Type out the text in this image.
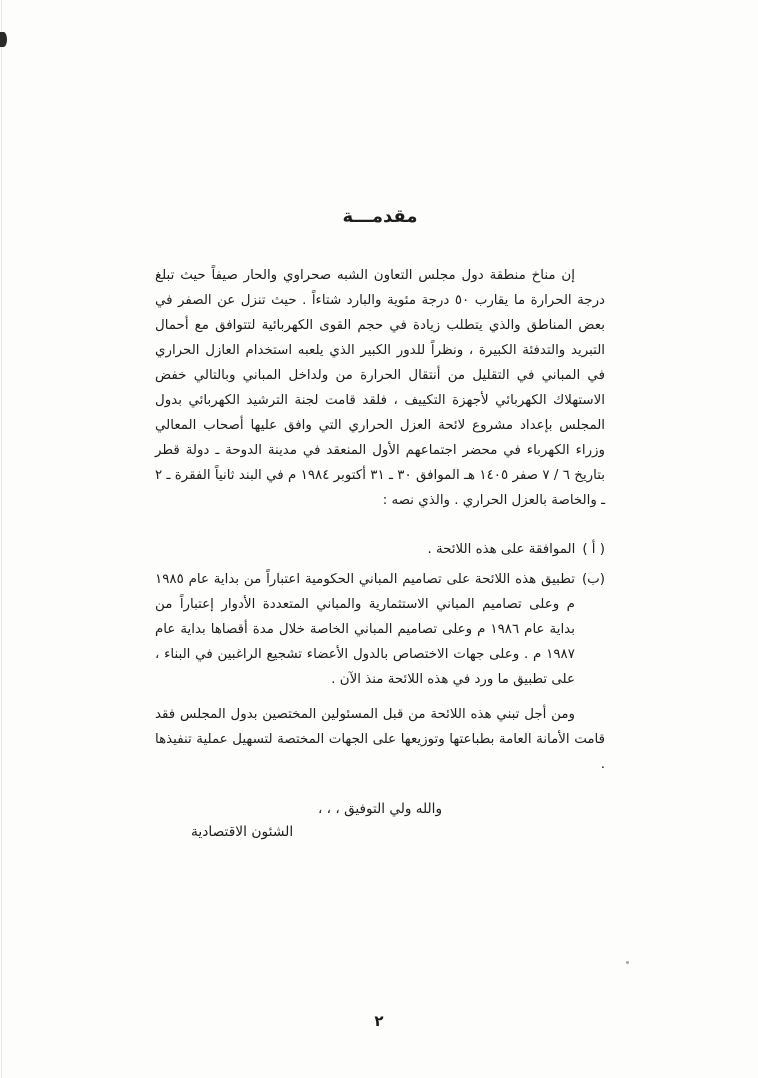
مقدمـــة

إن مناخ منطقة دول مجلس التعاون الشبه صحراوي والحار صيفاً حيث تبلغ درجة الحرارة ما يقارب ٥٠ درجة مئوية والبارد شتاءاً . حيث تنزل عن الصفر في بعض المناطق والذي يتطلب زيادة في حجم القوى الكهربائية لتتوافق مع أحمال التبريد والتدفئة الكبيرة ، ونظراً للدور الكبير الذي يلعبه استخدام العازل الحراري في المباني في التقليل من أنتقال الحرارة من ولداخل المباني وبالتالي خفض الاستهلاك الكهربائي لأجهزة التكييف ، فلقد قامت لجنة الترشيد الكهربائي بدول المجلس بإعداد مشروع لائحة العزل الحراري التي وافق عليها أصحاب المعالي وزراء الكهرباء في محضر اجتماعهم الأول المنعقد في مدينة الدوحة ـ دولة قطر بتاريخ ٦ / ٧ صفر ١٤٠٥ هـ الموافق ٣٠ ـ ٣١ أكتوبر ١٩٨٤ م في البند ثانياً الفقرة ـ ٢ ـ والخاصة بالعزل الحراري . والذي نصه :

( أ )
الموافقة على هذه اللائحة .
(ب)
تطبيق هذه اللائحة على تصاميم المباني الحكومية اعتباراً من بداية عام ١٩٨٥ م وعلى تصاميم المباني الاستثمارية والمباني المتعددة الأدوار إعتباراً من بداية عام ١٩٨٦ م وعلى تصاميم المباني الخاصة خلال مدة أقصاها بداية عام ١٩٨٧ م . وعلى جهات الاختصاص بالدول الأعضاء تشجيع الراغبين في البناء ، على تطبيق ما ورد في هذه اللائحة منذ الآن .

ومن أجل تبني هذه اللائحة من قبل المسئولين المختصين بدول المجلس فقد قامت الأمانة العامة بطباعتها وتوزيعها على الجهات المختصة لتسهيل عملية تنفيذها .

والله ولي التوفيق ، ، ،
الشئون الاقتصادية
٢
